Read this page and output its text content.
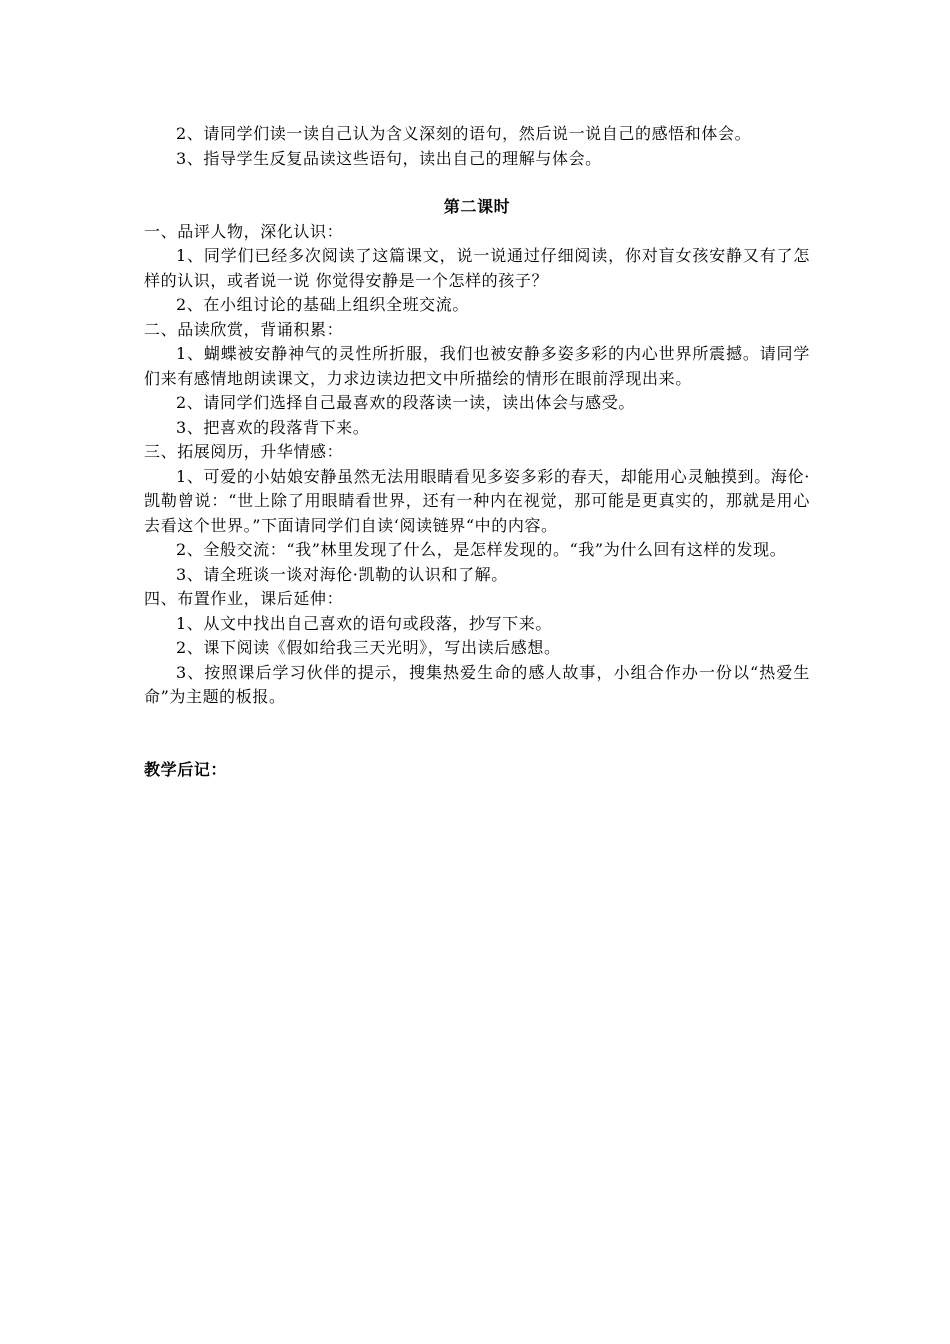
2、请同学们读一读自己认为含义深刻的语句，然后说一说自己的感悟和体会。

3、指导学生反复品读这些语句，读出自己的理解与体会。

第二课时

一、品评人物，深化认识：

1、同学们已经多次阅读了这篇课文，说一说通过仔细阅读，你对盲女孩安静又有了怎样的认识，或者说一说 你觉得安静是一个怎样的孩子？

2、在小组讨论的基础上组织全班交流。

二、品读欣赏，背诵积累：

1、蝴蝶被安静神气的灵性所折服，我们也被安静多姿多彩的内心世界所震撼。请同学们来有感情地朗读课文，力求边读边把文中所描绘的情形在眼前浮现出来。

2、请同学们选择自己最喜欢的段落读一读，读出体会与感受。

3、把喜欢的段落背下来。

三、拓展阅历，升华情感：

1、可爱的小姑娘安静虽然无法用眼睛看见多姿多彩的春天，却能用心灵触摸到。海伦·凯勒曾说：“世上除了用眼睛看世界，还有一种内在视觉，那可能是更真实的，那就是用心去看这个世界。”下面请同学们自读‘阅读链界“中的内容。

2、全般交流：“我”林里发现了什么，是怎样发现的。“我”为什么回有这样的发现。

3、请全班谈一谈对海伦·凯勒的认识和了解。

四、布置作业，课后延伸：

1、从文中找出自己喜欢的语句或段落，抄写下来。

2、课下阅读《假如给我三天光明》，写出读后感想。

3、按照课后学习伙伴的提示，搜集热爱生命的感人故事，小组合作办一份以“热爱生命”为主题的板报。

教学后记：
